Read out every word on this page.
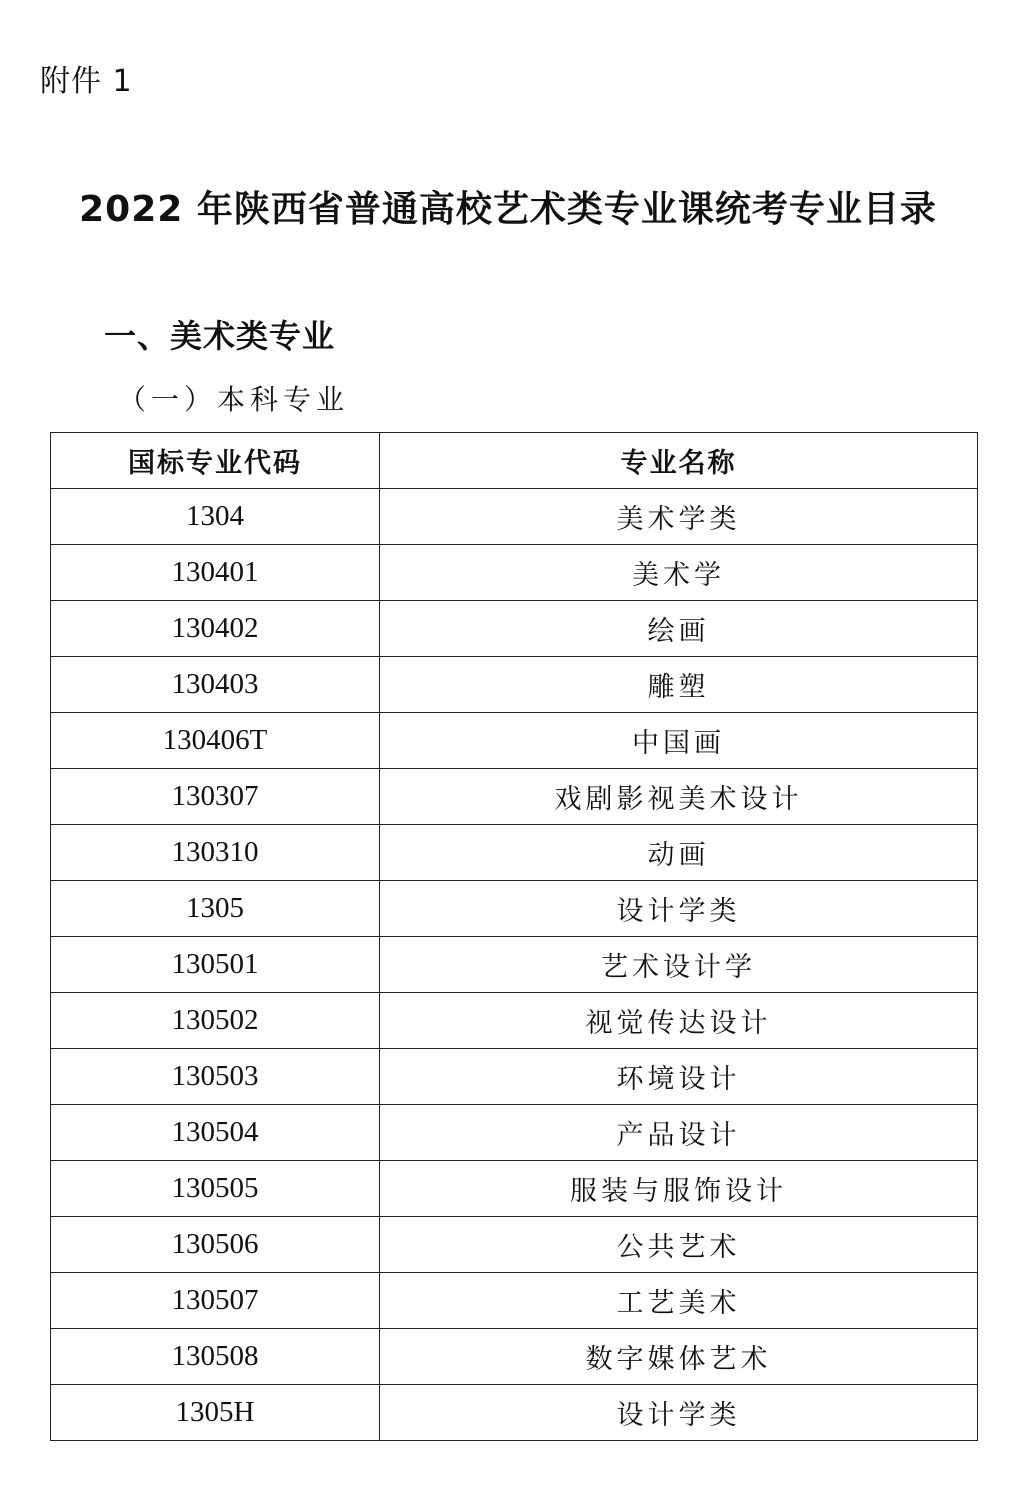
附件 1
2022 年陕西省普通高校艺术类专业课统考专业目录
一、美术类专业
（一）本科专业
国标专业代码	专业名称
1304	美术学类
130401	美术学
130402	绘画
130403	雕塑
130406T	中国画
130307	戏剧影视美术设计
130310	动画
1305	设计学类
130501	艺术设计学
130502	视觉传达设计
130503	环境设计
130504	产品设计
130505	服装与服饰设计
130506	公共艺术
130507	工艺美术
130508	数字媒体艺术
1305H	设计学类
